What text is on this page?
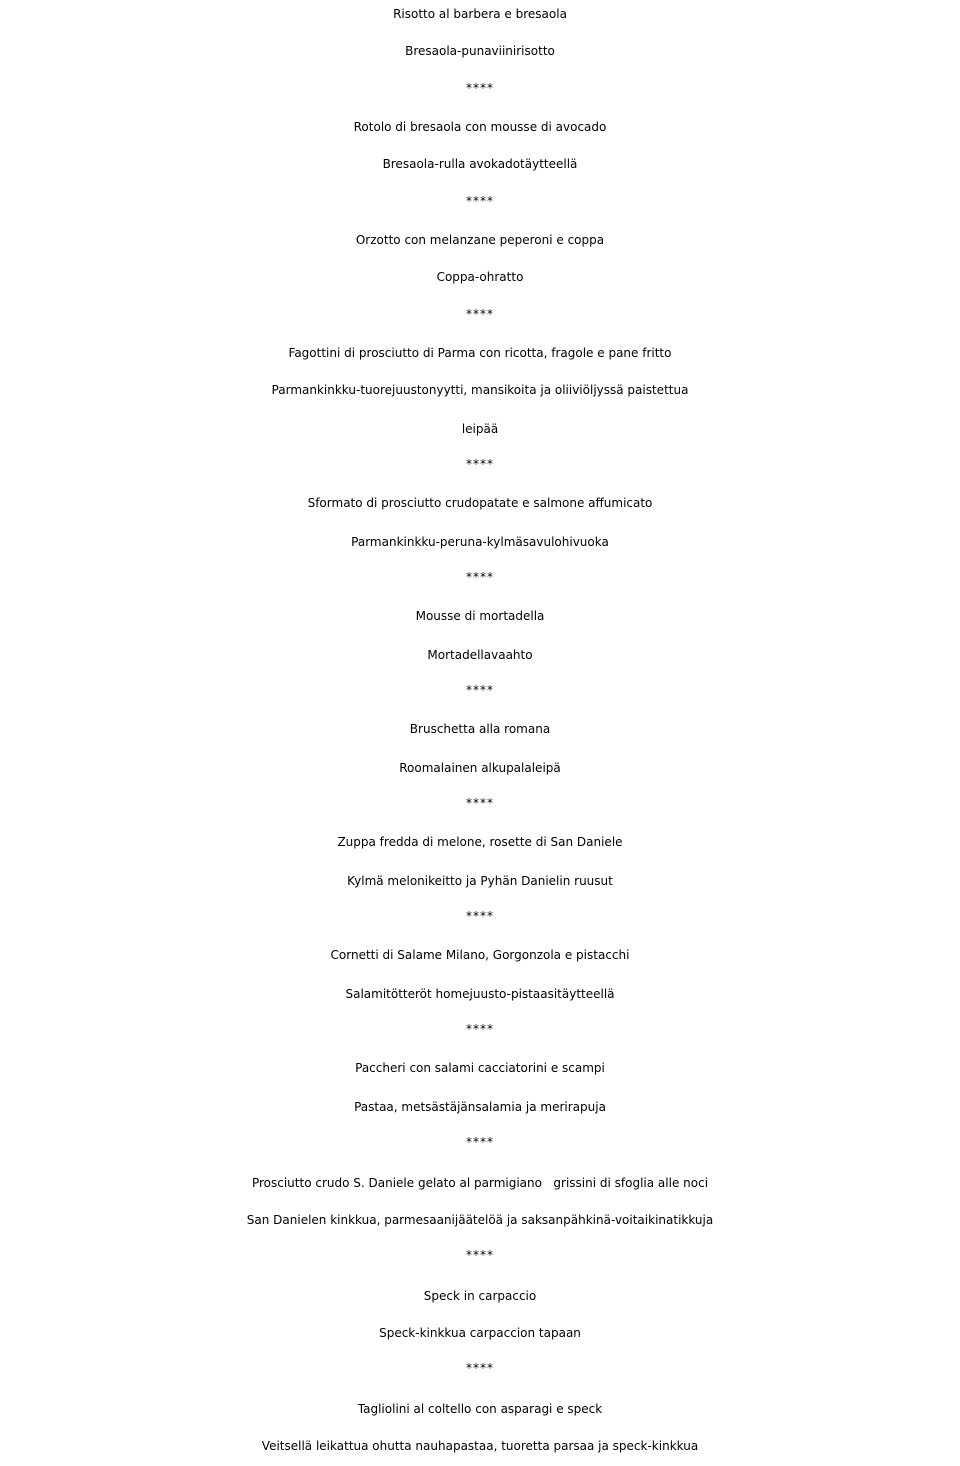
Risotto al barbera e bresaola
Bresaola-punaviinirisotto
****
Rotolo di bresaola con mousse di avocado
Bresaola-rulla avokadotäytteellä
****
Orzotto con melanzane peperoni e coppa
Coppa-ohratto
****
Fagottini di prosciutto di Parma con ricotta, fragole e pane fritto
Parmankinkku-tuorejuustonyytti, mansikoita ja oliiviöljyssä paistettua
leipää
****
Sformato di prosciutto crudopatate e salmone affumicato
Parmankinkku-peruna-kylmäsavulohivuoka
****
Mousse di mortadella
Mortadellavaahto
****
Bruschetta alla romana
Roomalainen alkupalaleipä
****
Zuppa fredda di melone, rosette di San Daniele
Kylmä melonikeitto ja Pyhän Danielin ruusut
****
Cornetti di Salame Milano, Gorgonzola e pistacchi
Salamitötteröt homejuusto-pistaasitäytteellä
****
Paccheri con salami cacciatorini e scampi
Pastaa, metsästäjänsalamia ja merirapuja
****
Prosciutto crudo S. Daniele gelato al parmigiano   grissini di sfoglia alle noci
San Danielen kinkkua, parmesaanijäätelöä ja saksanpähkinä-voitaikinatikkuja
****
Speck in carpaccio
Speck-kinkkua carpaccion tapaan
****
Tagliolini al coltello con asparagi e speck
Veitsellä leikattua ohutta nauhapastaa, tuoretta parsaa ja speck-kinkkua
